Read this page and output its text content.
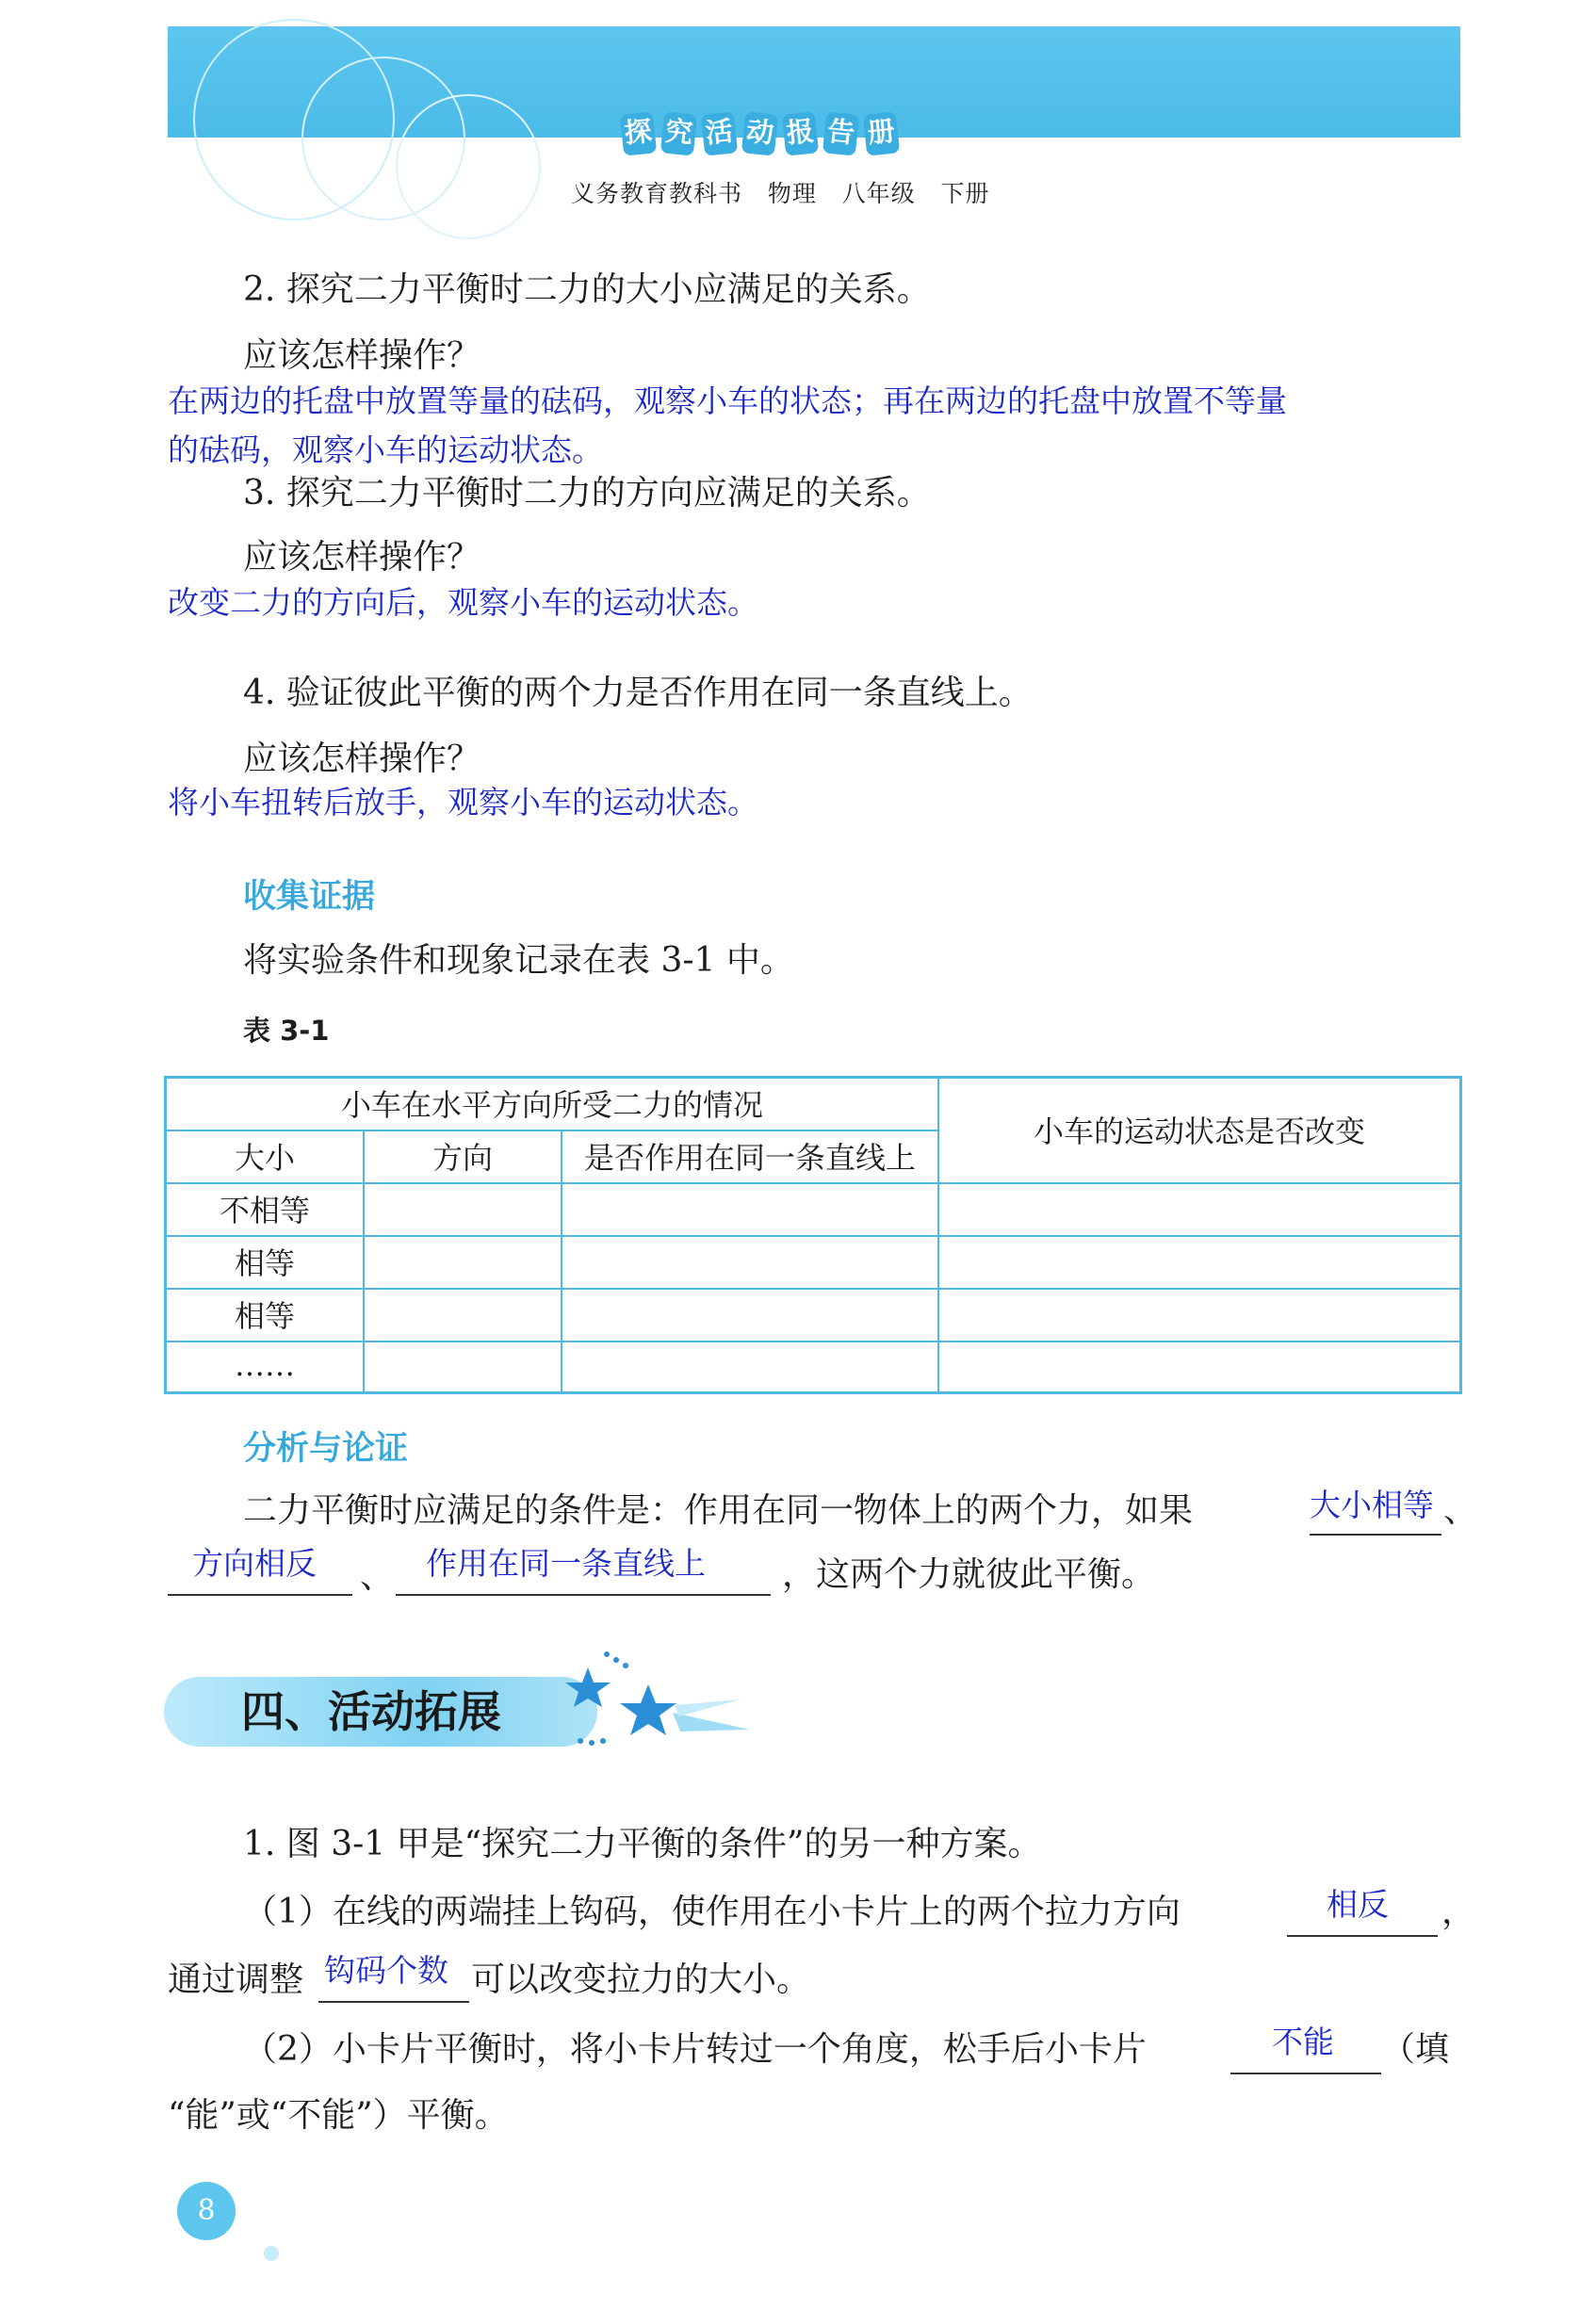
探 究 活 动 报 告 册
义务教育教科书   物理   八年级   下册
2. 探究二力平衡时二力的大小应满足的关系。
应该怎样操作？
在两边的托盘中放置等量的砝码，观察小车的状态；再在两边的托盘中放置不等量
的砝码，观察小车的运动状态。
3. 探究二力平衡时二力的方向应满足的关系。
应该怎样操作？
改变二力的方向后，观察小车的运动状态。
4. 验证彼此平衡的两个力是否作用在同一条直线上。
应该怎样操作？
将小车扭转后放手，观察小车的运动状态。
收集证据
将实验条件和现象记录在表 3-1 中。
表 3-1
小车在水平方向所受二力的情况
小车的运动状态是否改变
大小	方向	是否作用在同一条直线上
不相等
相等
相等
……
分析与论证
二力平衡时应满足的条件是：作用在同一物体上的两个力，如果	大小相等 、
方向相反 、 作用在同一条直线上 ，这两个力就彼此平衡。
四、活动拓展
1. 图 3-1 甲是“探究二力平衡的条件”的另一种方案。
（1）在线的两端挂上钩码，使作用在小卡片上的两个拉力方向	相反 ，
通过调整 钩码个数 可以改变拉力的大小。
（2）小卡片平衡时，将小卡片转过一个角度，松手后小卡片	不能 （填
“能”或“不能”）平衡。
8
